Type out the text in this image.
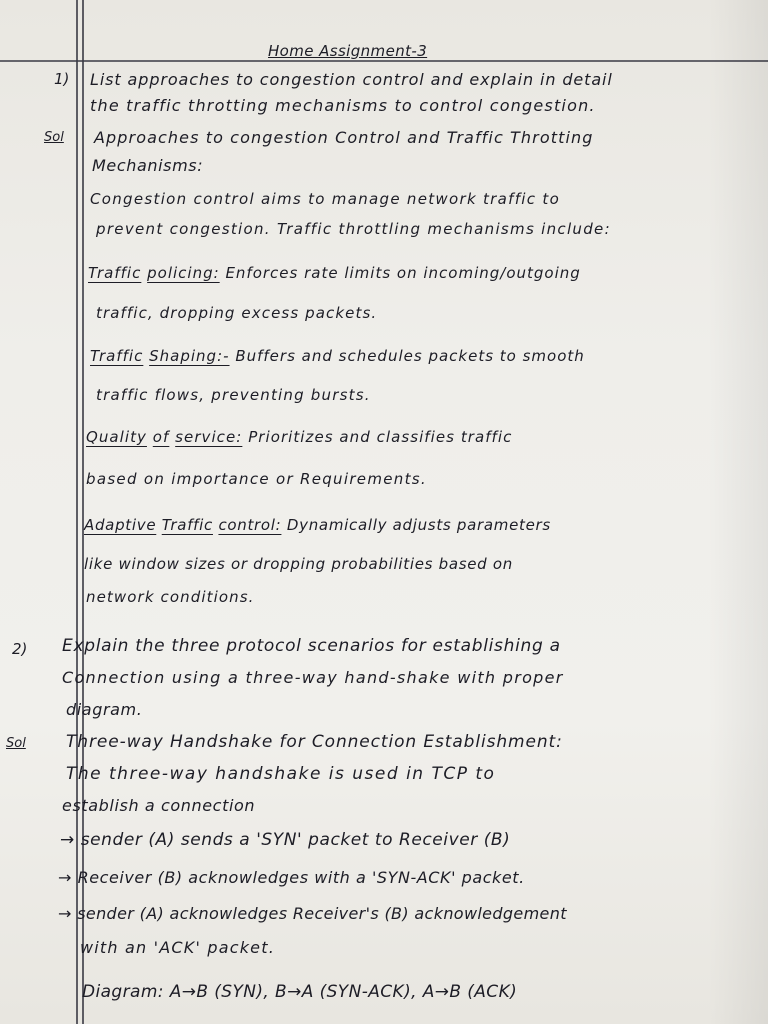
Home Assignment-3
1) List approaches to congestion control and explain in detail
the traffic throtting mechanisms to control congestion.
Sol Approaches to congestion Control and Traffic Throtting
Mechanisms:
Congestion control aims to manage network traffic to
prevent congestion. Traffic throttling mechanisms include:
Traffic policing: Enforces rate limits on incoming/outgoing
traffic, dropping excess packets.
Traffic Shaping:- Buffers and schedules packets to smooth
traffic flows, preventing bursts.
Quality of service: Prioritizes and classifies traffic
based on importance or Requirements.
Adaptive Traffic control: Dynamically adjusts parameters
like window sizes or dropping probabilities based on
network conditions.
2) Explain the three protocol scenarios for establishing a
Connection using a three-way hand-shake with proper
diagram.
Sol Three-way Handshake for Connection Establishment:
The three-way handshake is used in TCP to
establish a connection
→ sender (A) sends a 'SYN' packet to Receiver (B)
→ Receiver (B) acknowledges with a 'SYN-ACK' packet.
→ sender (A) acknowledges Receiver's (B) acknowledgement
with an 'ACK' packet.
Diagram: A→B (SYN), B→A (SYN-ACK), A→B (ACK)
